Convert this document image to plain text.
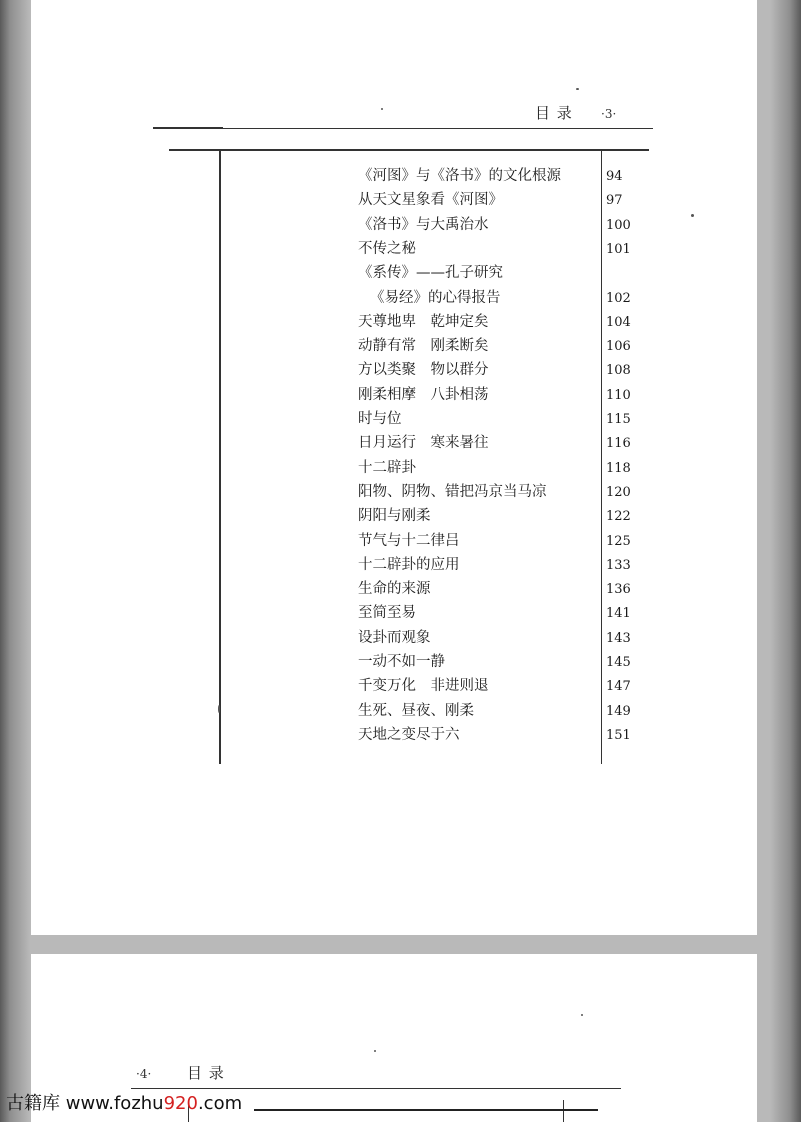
目 录 ·3·
《河图》与《洛书》的文化根源	94
从天文星象看《河图》	97
《洛书》与大禹治水	100
不传之秘	101
《系传》——孔子研究
《易经》的心得报告	102
天尊地卑　乾坤定矣	104
动静有常　刚柔断矣	106
方以类聚　物以群分	108
刚柔相摩　八卦相荡	110
时与位	115
日月运行　寒来暑往	116
十二辟卦	118
阳物、阴物、错把冯京当马凉	120
阴阳与刚柔	122
节气与十二律吕	125
十二辟卦的应用	133
生命的来源	136
至简至易	141
设卦而观象	143
一动不如一静	145
千变万化　非进则退	147
生死、昼夜、刚柔	149
天地之变尽于六	151
·4· 目 录
古籍库 www.fozhu920.com
